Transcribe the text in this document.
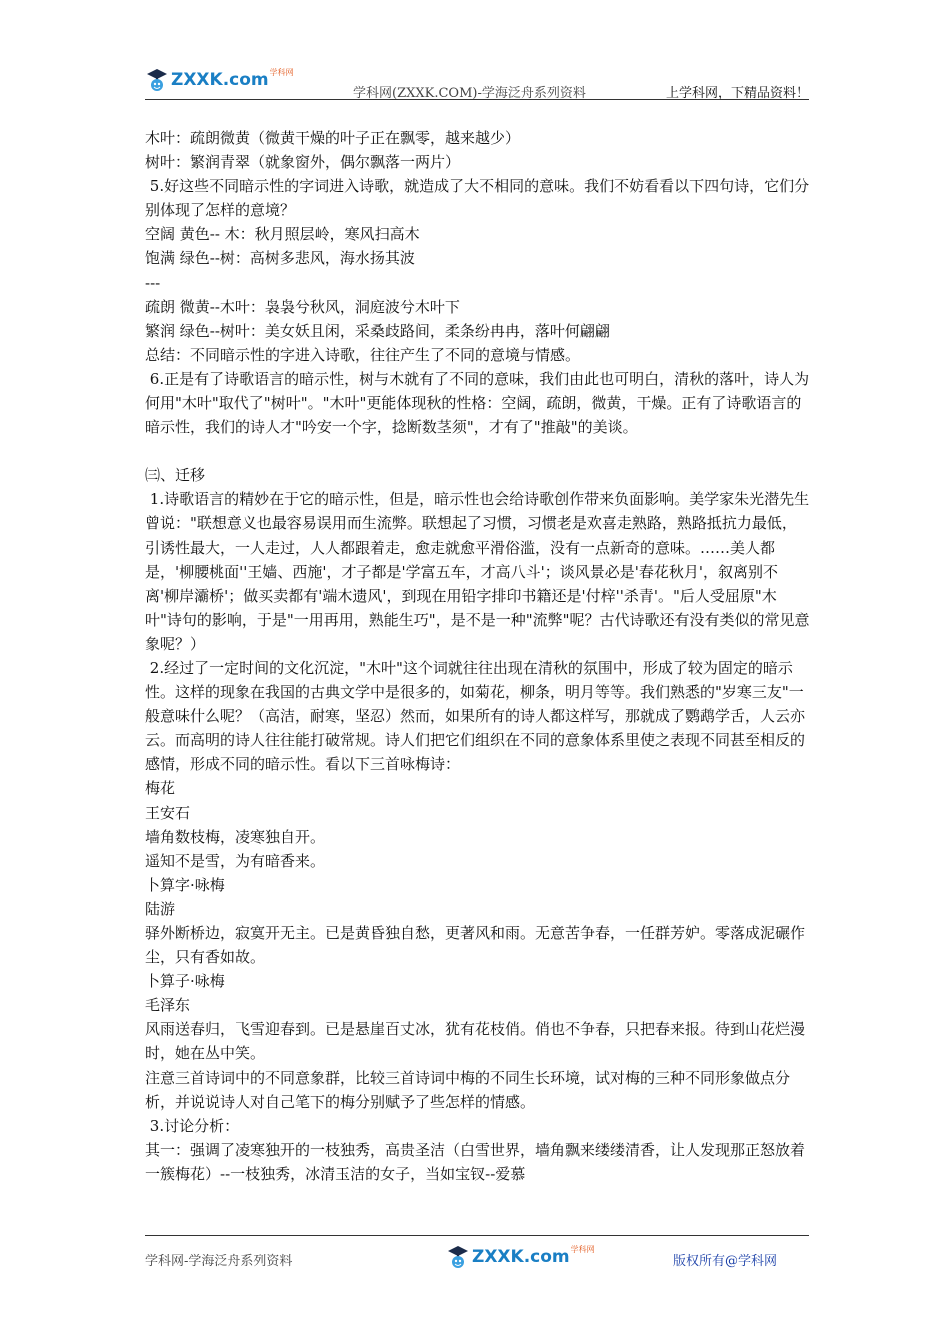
ZXXK.com 学科网
学科网(ZXXK.COM)-学海泛舟系列资料	上学科网，下精品资料！

木叶：疏朗微黄（微黄干燥的叶子正在飘零，越来越少）

树叶：繁润青翠（就象窗外，偶尔飘落一两片）

5.好这些不同暗示性的字词进入诗歌，就造成了大不相同的意味。我们不妨看看以下四句诗，它们分别体现了怎样的意境？

空阔 黄色-- 木：秋月照层岭，寒风扫高木

饱满 绿色--树：高树多悲风，海水扬其波

---

疏朗 微黄--木叶：袅袅兮秋风，洞庭波兮木叶下

繁润 绿色--树叶：美女妖且闲，采桑歧路间，柔条纷冉冉，落叶何翩翩

总结：不同暗示性的字进入诗歌，往往产生了不同的意境与情感。

6.正是有了诗歌语言的暗示性，树与木就有了不同的意味，我们由此也可明白，清秋的落叶，诗人为何用"木叶"取代了"树叶"。"木叶"更能体现秋的性格：空阔，疏朗，微黄，干燥。正有了诗歌语言的暗示性，我们的诗人才"吟安一个字，捻断数茎须"，才有了"推敲"的美谈。

㈢、迁移

1.诗歌语言的精妙在于它的暗示性，但是，暗示性也会给诗歌创作带来负面影响。美学家朱光潜先生曾说："联想意义也最容易误用而生流弊。联想起了习惯，习惯老是欢喜走熟路，熟路抵抗力最低，引诱性最大，一人走过，人人都跟着走，愈走就愈平滑俗滥，没有一点新奇的意味。……美人都是，'柳腰桃面''王嫱、西施'，才子都是'学富五车，才高八斗'；谈风景必是'春花秋月'，叙离别不离'柳岸灞桥'；做买卖都有'端木遗风'，到现在用铅字排印书籍还是'付梓''杀青'。"后人受屈原"木叶"诗句的影响，于是"一用再用，熟能生巧"，是不是一种"流弊"呢？古代诗歌还有没有类似的常见意象呢？）

2.经过了一定时间的文化沉淀，"木叶"这个词就往往出现在清秋的氛围中，形成了较为固定的暗示性。这样的现象在我国的古典文学中是很多的，如菊花，柳条，明月等等。我们熟悉的"岁寒三友"一般意味什么呢？（高洁，耐寒，坚忍）然而，如果所有的诗人都这样写，那就成了鹦鹉学舌，人云亦云。而高明的诗人往往能打破常规。诗人们把它们组织在不同的意象体系里使之表现不同甚至相反的感情，形成不同的暗示性。看以下三首咏梅诗：

梅花

王安石

墙角数枝梅，凌寒独自开。

遥知不是雪，为有暗香来。

卜算字·咏梅

陆游

驿外断桥边，寂寞开无主。已是黄昏独自愁，更著风和雨。无意苦争春，一任群芳妒。零落成泥碾作尘，只有香如故。

卜算子·咏梅

毛泽东

风雨送春归，飞雪迎春到。已是悬崖百丈冰，犹有花枝俏。俏也不争春，只把春来报。待到山花烂漫时，她在丛中笑。

注意三首诗词中的不同意象群，比较三首诗词中梅的不同生长环境，试对梅的三种不同形象做点分析，并说说诗人对自己笔下的梅分别赋予了些怎样的情感。

3.讨论分析：

其一：强调了凌寒独开的一枝独秀，高贵圣洁（白雪世界，墙角飘来缕缕清香，让人发现那正怒放着一簇梅花）--一枝独秀，冰清玉洁的女子，当如宝钗--爱慕

学科网-学海泛舟系列资料	ZXXK.com 学科网
版权所有@学科网
